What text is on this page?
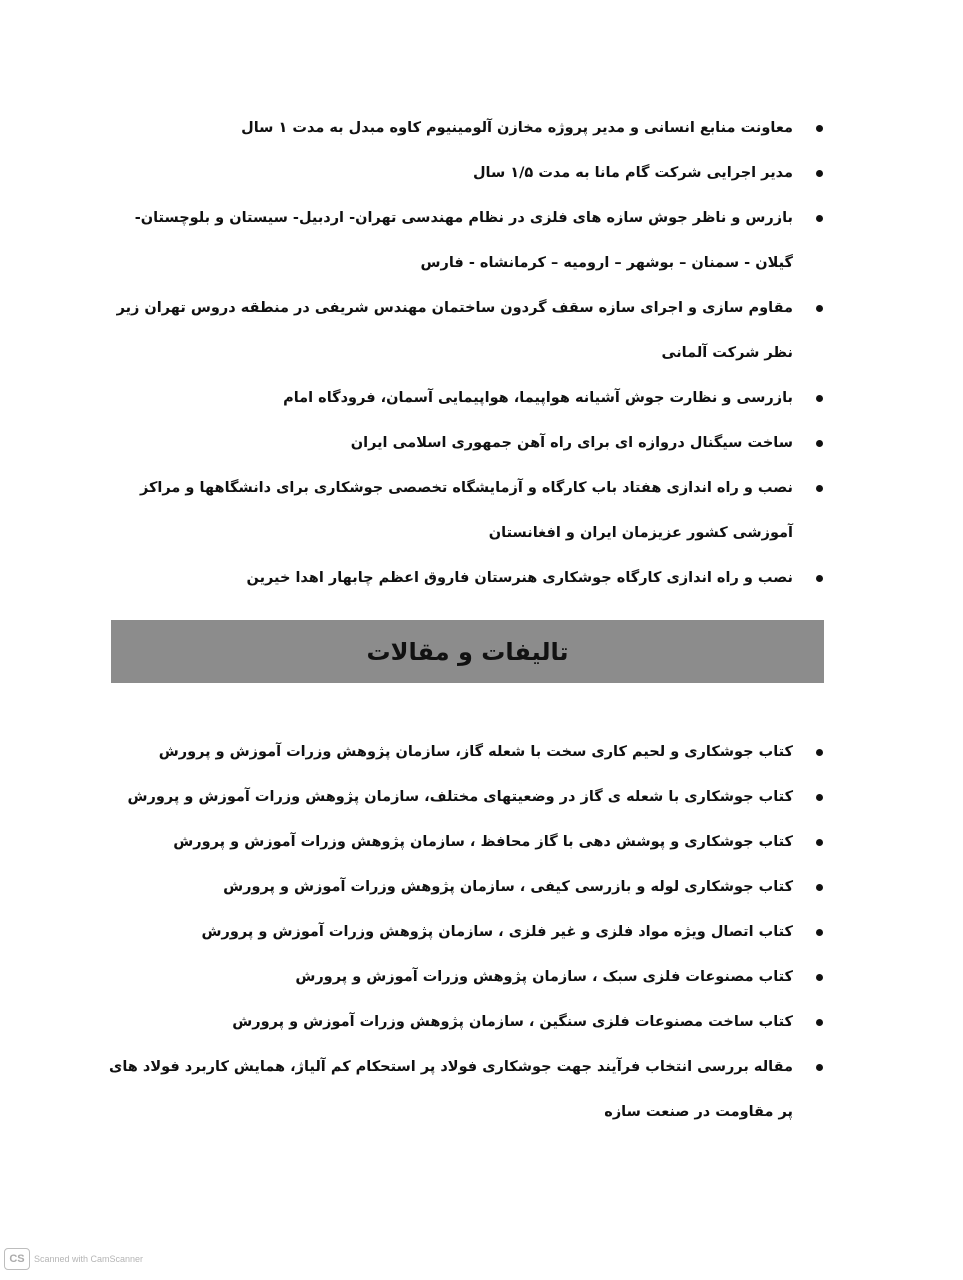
معاونت منابع انسانی و مدیر پروژه مخازن آلومینیوم کاوه مبدل به مدت ۱ سال
مدیر اجرایی شرکت گام مانا به مدت ۱/۵ سال
بازرس و ناظر جوش سازه های فلزی در نظام مهندسی تهران- اردبیل- سیستان و بلوچستان- گیلان - سمنان – بوشهر – ارومیه – کرمانشاه - فارس
مقاوم سازی و اجرای سازه سقف گردون ساختمان مهندس شریفی در منطقه دروس تهران زیر نظر شرکت آلمانی
بازرسی و نظارت جوش آشیانه هواپیما، هواپیمایی آسمان، فرودگاه امام
ساخت سیگنال دروازه ای برای راه آهن جمهوری اسلامی ایران
نصب و راه اندازی هفتاد باب کارگاه و آزمایشگاه تخصصی جوشکاری برای دانشگاهها و مراکز آموزشی کشور عزیزمان ایران و افغانستان
نصب و راه اندازی کارگاه جوشکاری هنرستان فاروق اعظم چابهار اهدا خیرین
تالیفات و مقالات
کتاب جوشکاری و لحیم کاری سخت با شعله گاز، سازمان پژوهش وزرات آموزش و پرورش
کتاب جوشکاری با شعله ی گاز در وضعیتهای مختلف، سازمان پژوهش وزرات آموزش و پرورش
کتاب جوشکاری و پوشش دهی با گاز محافظ ، سازمان پژوهش وزرات آموزش و پرورش
کتاب جوشکاری لوله و بازرسی کیفی ، سازمان پژوهش وزرات آموزش و پرورش
کتاب اتصال ویژه مواد فلزی و غیر فلزی ، سازمان پژوهش وزرات آموزش و پرورش
کتاب مصنوعات فلزی سبک ، سازمان پژوهش وزرات آموزش و پرورش
کتاب ساخت مصنوعات فلزی سنگین ، سازمان پژوهش وزرات آموزش و پرورش
مقاله بررسی انتخاب فرآیند جهت جوشکاری فولاد پر استحکام کم آلیاژ، همایش کاربرد فولاد های پر مقاومت در صنعت سازه
CS	Scanned with CamScanner
